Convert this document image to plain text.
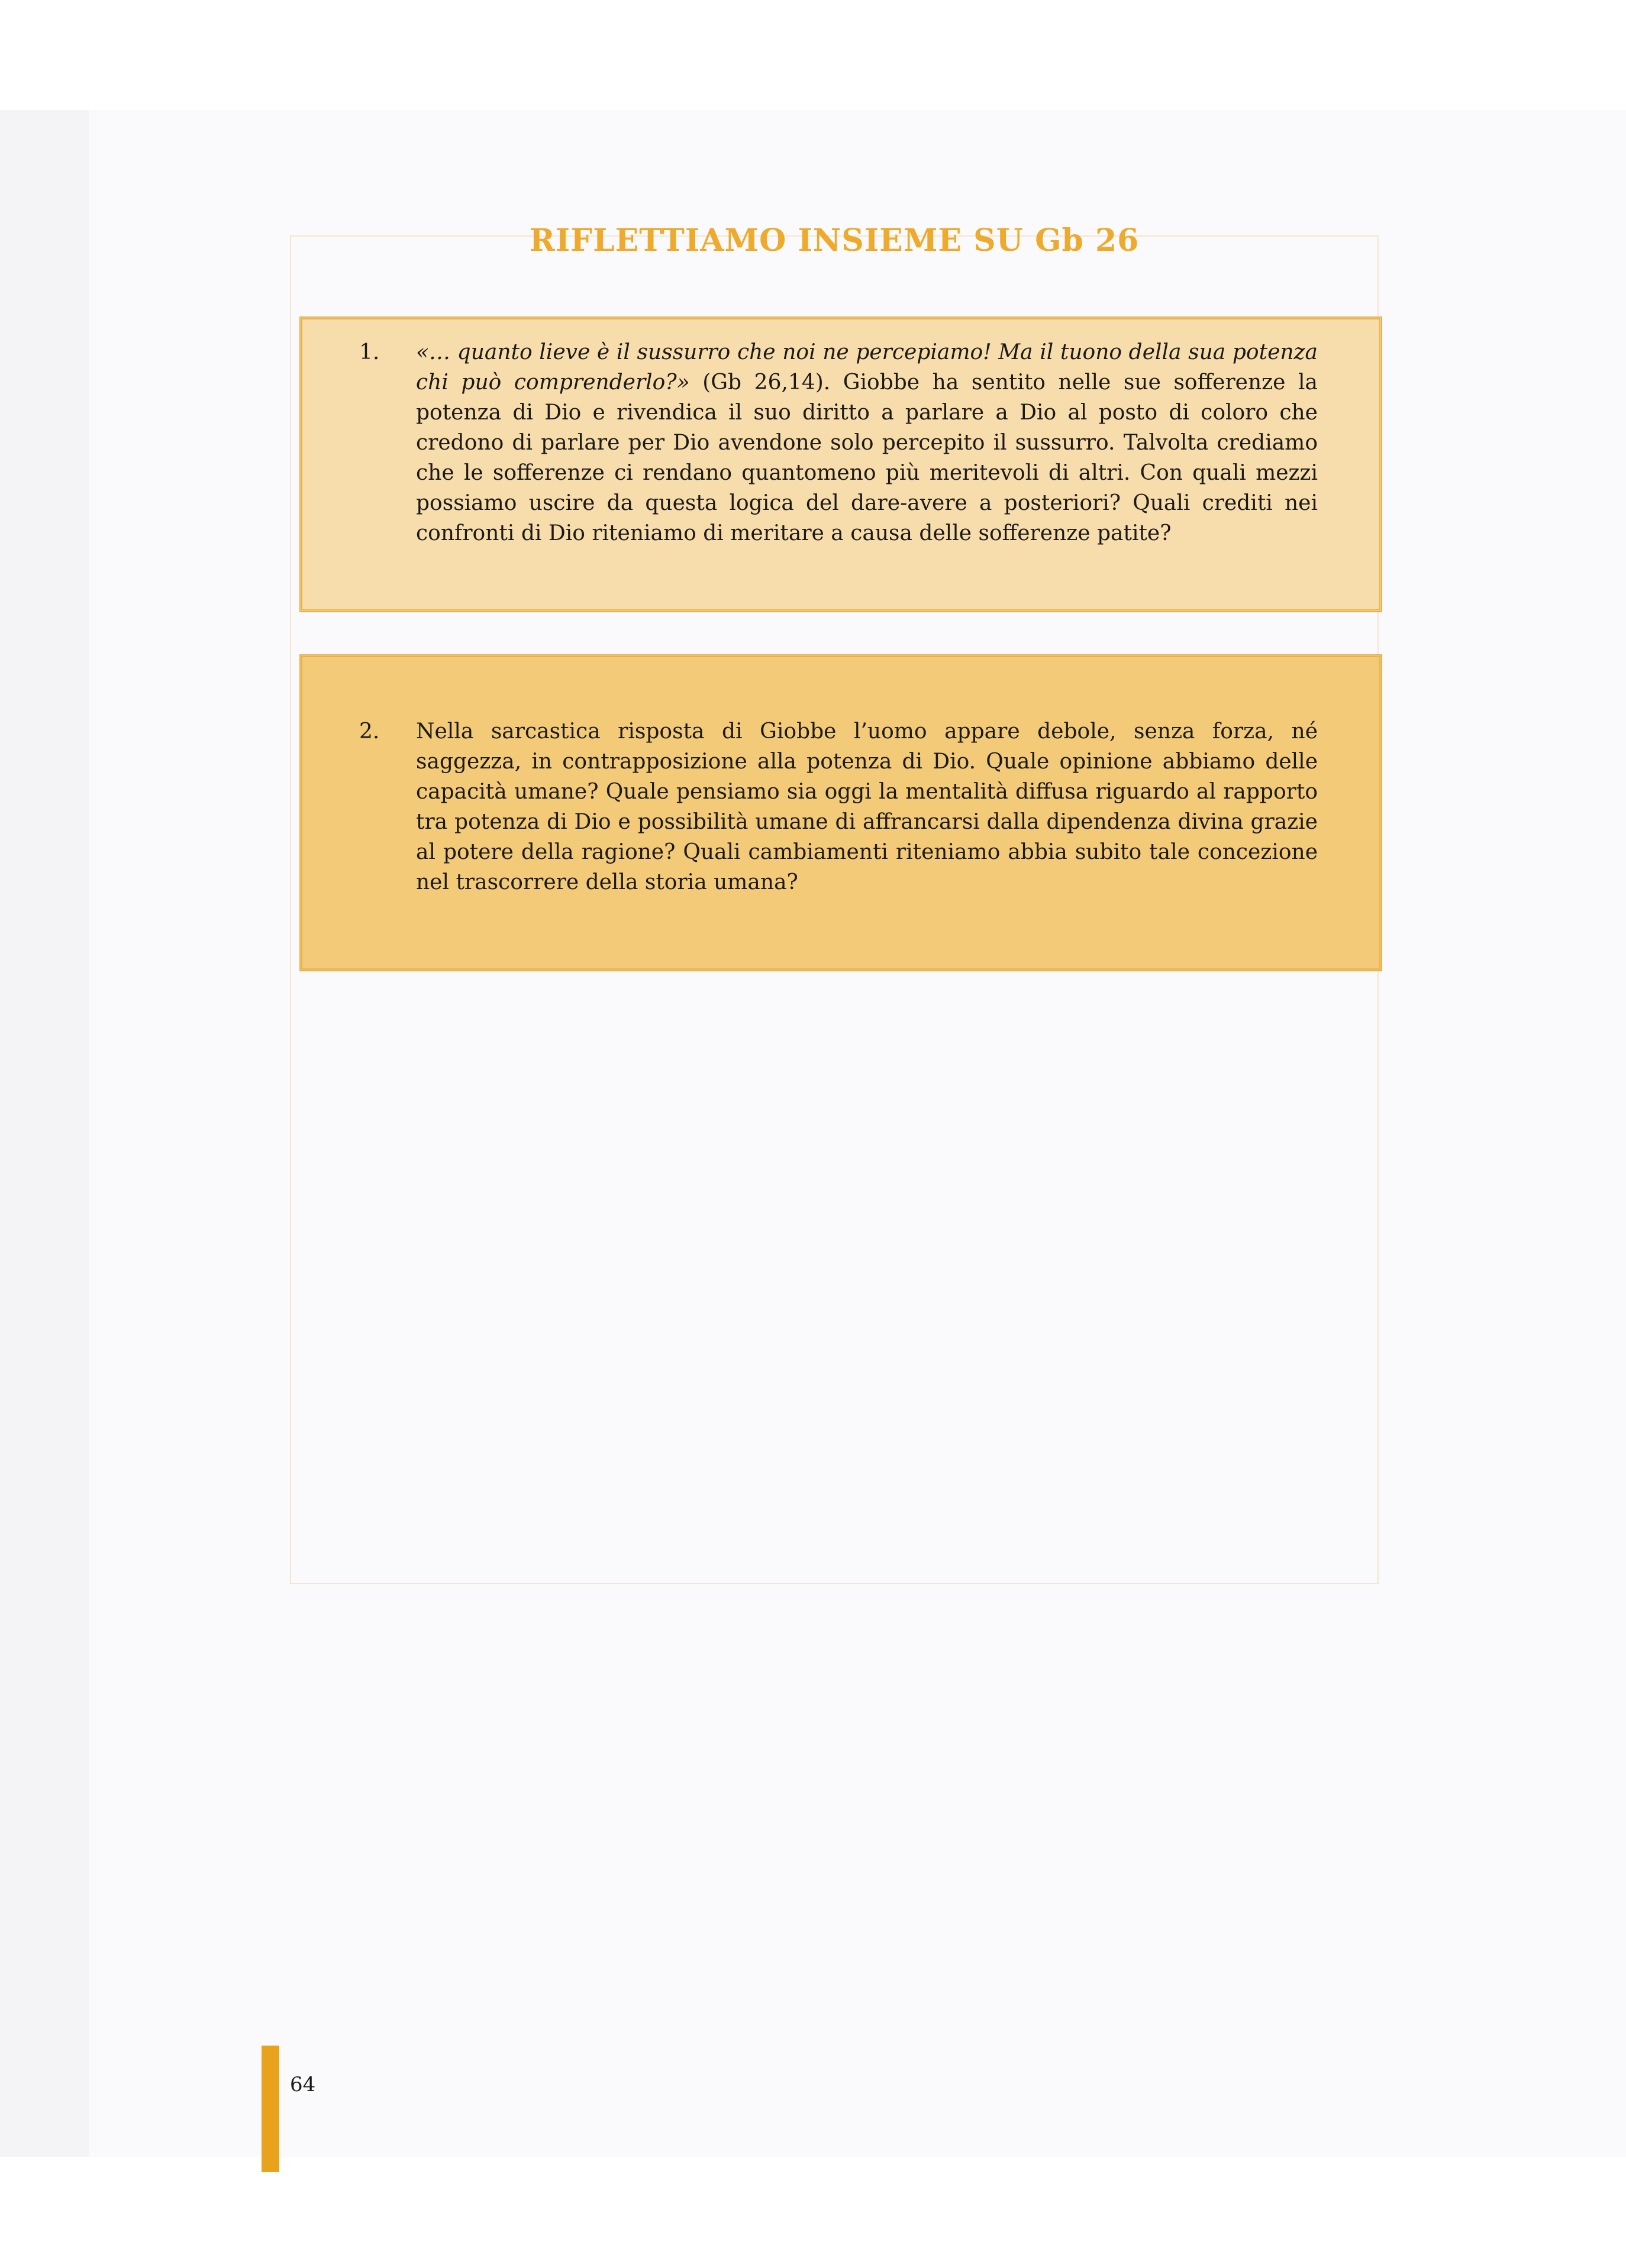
RIFLETTIAMO INSIEME SU Gb 26
1.	«… quanto lieve è il sussurro che noi ne percepiamo! Ma il tuono della sua potenza chi può comprenderlo?» (Gb 26,14). Giobbe ha sentito nelle sue sofferenze la potenza di Dio e rivendica il suo diritto a parlare a Dio al posto di coloro che credono di parlare per Dio avendone solo percepito il sussurro. Talvolta crediamo che le sofferenze ci rendano quantomeno più meritevoli di altri. Con quali mezzi possiamo uscire da questa logica del dare-avere a posteriori? Quali crediti nei confronti di Dio riteniamo di meritare a causa delle sofferenze patite?
2.	Nella sarcastica risposta di Giobbe l’uomo appare debole, senza forza, né saggezza, in contrapposizione alla potenza di Dio. Quale opinione abbiamo delle capacità umane? Quale pensiamo sia oggi la mentalità diffusa riguardo al rapporto tra potenza di Dio e possibilità umane di affrancarsi dalla dipendenza divina grazie al potere della ragione? Quali cambiamenti riteniamo abbia subito tale concezione nel trascorrere della storia umana?
64
